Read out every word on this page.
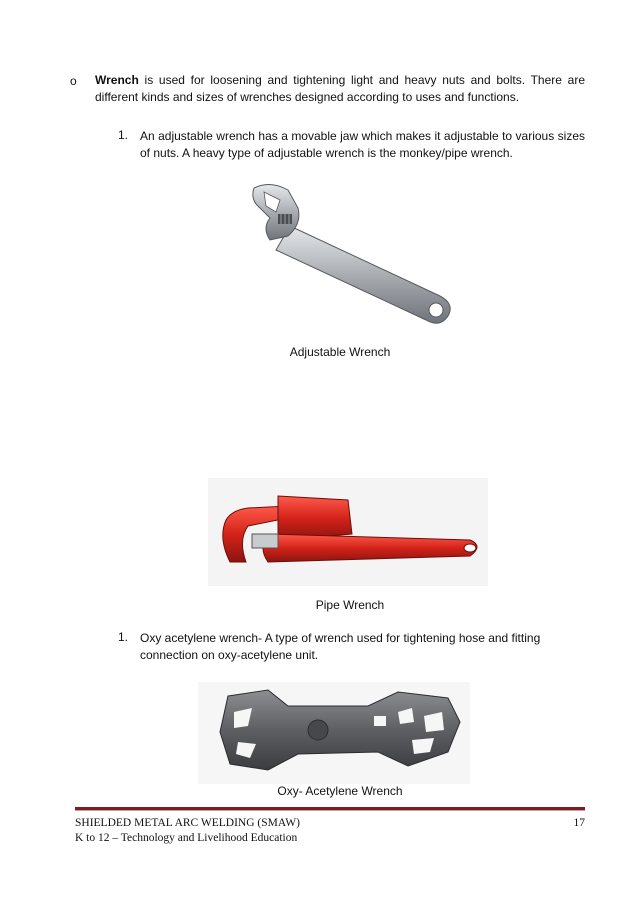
o Wrench is used for loosening and tightening light and heavy nuts and bolts. There are different kinds and sizes of wrenches designed according to uses and functions.
1. An adjustable wrench has a movable jaw which makes it adjustable to various sizes of nuts. A heavy type of adjustable wrench is the monkey/pipe wrench.
Adjustable Wrench
Pipe Wrench
1. Oxy acetylene wrench- A type of wrench used for tightening hose and fitting connection on oxy-acetylene unit.
Oxy- Acetylene Wrench
SHIELDED METAL ARC WELDING (SMAW)
K to 12 – Technology and Livelihood Education
17
